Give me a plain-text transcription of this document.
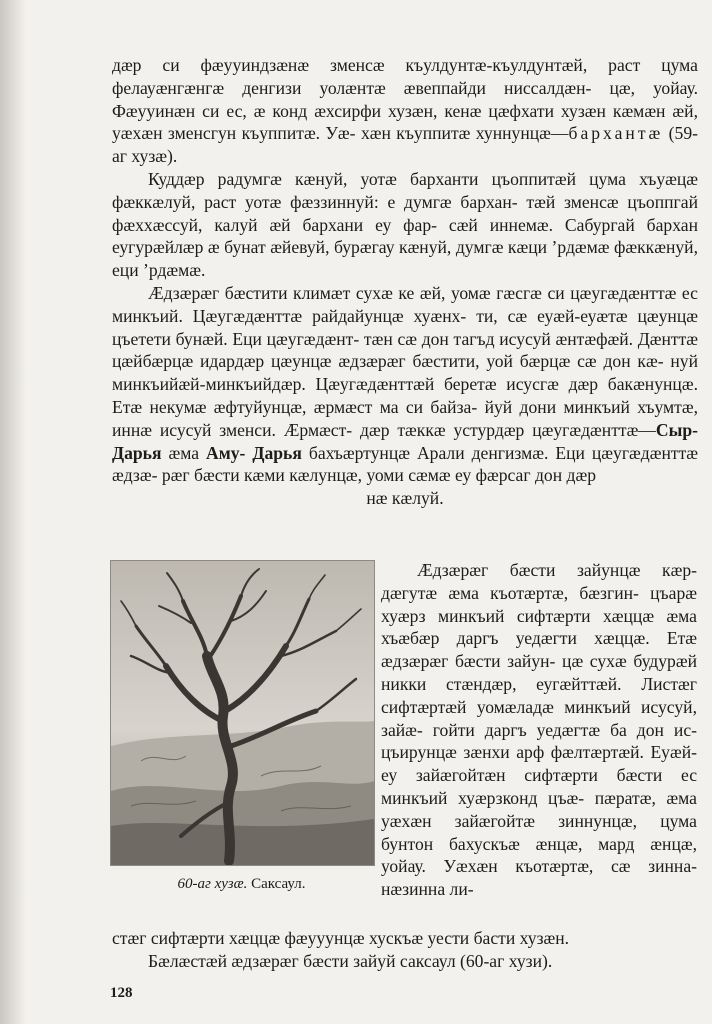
дæр си фæууиндзæнæ зменсæ къулдунтæ-къулдунтæй, раст цума фелауæнгæнгæ денгизи уолæнтæ æвеппайди ниссалдæн- цæ, уойау. Фæууинæн си ес, æ конд æхсирфи хузæн, кенæ цæфхати хузæн кæмæн æй, уæхæн зменсгун къуппитæ. Уæ- хæн къуппитæ хуннунцæ—бархантæ (59-аг хузæ).

Куддæр радумгæ кæнуй, уотæ барханти цъоппитæй цума хъуæцæ фæккæлуй, раст уотæ фæззиннуй: е думгæ бархан- тæй зменсæ цъоппгай фæххæссуй, калуй æй бархани еу фар- сæй иннемæ. Сабургай бархан еугурæйлæр æ бунат æйевуй, бурæгау кæнуй, думгæ кæци ’рдæмæ фæккæнуй, еци ’рдæмæ.

Ӕдзæрæг бæстити климæт сухæ ке æй, уомæ гæсгæ си цæугæдæнттæ ес минкъий. Цæугæдæнттæ райдайунцæ хуæнх- ти, сæ еуæй-еуæтæ цæунцæ цъетети бунæй. Еци цæугæдæнт- тæн сæ дон тагъд исусуй æнтæфæй. Дæнттæ цæйбæрцæ идардæр цæунцæ æдзæрæг бæстити, уой бæрцæ сæ дон кæ- нуй минкъийæй-минкъийдæр. Цæугæдæнттæй беретæ исусгæ дæр бакæнунцæ. Етæ некумæ æфтуйунцæ, æрмæст ма си байза- йуй дони минкъий хъумтæ, иннæ исусуй зменси. Ӕрмæст- дæр тæккæ устурдæр цæугæдæнттæ—Сыр-Дарья æма Аму- Дарья бахъæртунцæ Арали денгизмæ. Еци цæугæдæнттæ æдзæ- рæг бæсти кæми кæлунцæ, уоми сæмæ еу фæрсаг дон дæр

нæ кæлуй.

60-аг хузæ. Саксаул.

Ӕдзæрæг бæсти зайунцæ кæр- дæгутæ æма къотæртæ, бæзгин- цъарæ хуæрз минкъий сифтæрти хæццæ æма хъæбæр даргъ уедæгти хæццæ. Етæ æдзæрæг бæсти зайун- цæ сухæ будурæй никки стæндæр, еугæйттæй. Листæг сифтæртæй уомæладæ минкъий исусуй, зайæ- гойти даргъ уедæгтæ ба дон ис- цъирунцæ зæнхи арф фæлтæртæй. Еуæй-еу зайæгойтæн сифтæрти бæсти ес минкъий хуæрзконд цъæ- пæратæ, æма уæхæн зайæгойтæ зиннунцæ, цума бунтон бахускъæ æнцæ, мард æнцæ, уойау. Уæхæн къотæртæ, сæ зинна-нæзинна ли-

стæг сифтæрти хæццæ фæууунцæ хускъæ уести басти хузæн.

Бæлæстæй æдзæрæг бæсти зайуй саксаул (60-аг хузи).

128
